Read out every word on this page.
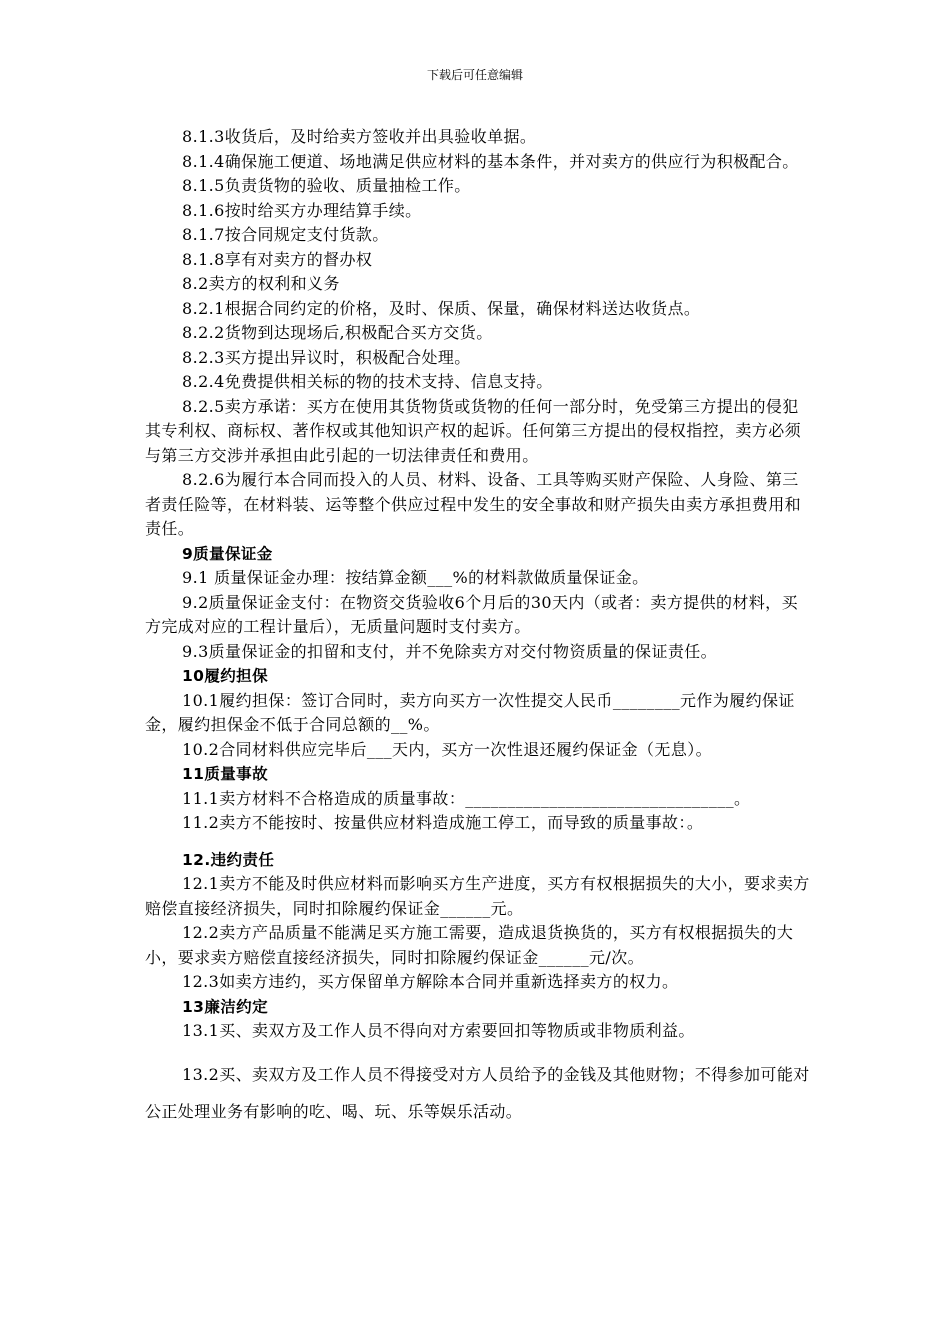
下载后可任意编辑

8.1.3收货后，及时给卖方签收并出具验收单据。

8.1.4确保施工便道、场地满足供应材料的基本条件，并对卖方的供应行为积极配合。

8.1.5负责货物的验收、质量抽检工作。

8.1.6按时给买方办理结算手续。

8.1.7按合同规定支付货款。

8.1.8享有对卖方的督办权

8.2卖方的权利和义务

8.2.1根据合同约定的价格，及时、保质、保量，确保材料送达收货点。

8.2.2货物到达现场后,积极配合买方交货。

8.2.3买方提出异议时，积极配合处理。

8.2.4免费提供相关标的物的技术支持、信息支持。

8.2.5卖方承诺：买方在使用其货物货或货物的任何一部分时，免受第三方提出的侵犯其专利权、商标权、著作权或其他知识产权的起诉。任何第三方提出的侵权指控，卖方必须与第三方交涉并承担由此引起的一切法律责任和费用。

8.2.6为履行本合同而投入的人员、材料、设备、工具等购买财产保险、人身险、第三者责任险等，在材料装、运等整个供应过程中发生的安全事故和财产损失由卖方承担费用和责任。

9质量保证金

9.1 质量保证金办理：按结算金额___%的材料款做质量保证金。

9.2质量保证金支付：在物资交货验收6个月后的30天内（或者：卖方提供的材料，买方完成对应的工程计量后），无质量问题时支付卖方。

9.3质量保证金的扣留和支付，并不免除卖方对交付物资质量的保证责任。

10履约担保

10.1履约担保：签订合同时，卖方向买方一次性提交人民币________元作为履约保证金，履约担保金不低于合同总额的__%。

10.2合同材料供应完毕后___天内，买方一次性退还履约保证金（无息）。

11质量事故

11.1卖方材料不合格造成的质量事故：________________________________。

11.2卖方不能按时、按量供应材料造成施工停工，而导致的质量事故：。

12.违约责任

12.1卖方不能及时供应材料而影响买方生产进度，买方有权根据损失的大小，要求卖方赔偿直接经济损失，同时扣除履约保证金______元。

12.2卖方产品质量不能满足买方施工需要，造成退货换货的，买方有权根据损失的大小，要求卖方赔偿直接经济损失，同时扣除履约保证金______元/次。

12.3如卖方违约，买方保留单方解除本合同并重新选择卖方的权力。

13廉洁约定

13.1买、卖双方及工作人员不得向对方索要回扣等物质或非物质利益。

13.2买、卖双方及工作人员不得接受对方人员给予的金钱及其他财物；不得参加可能对公正处理业务有影响的吃、喝、玩、乐等娱乐活动。
